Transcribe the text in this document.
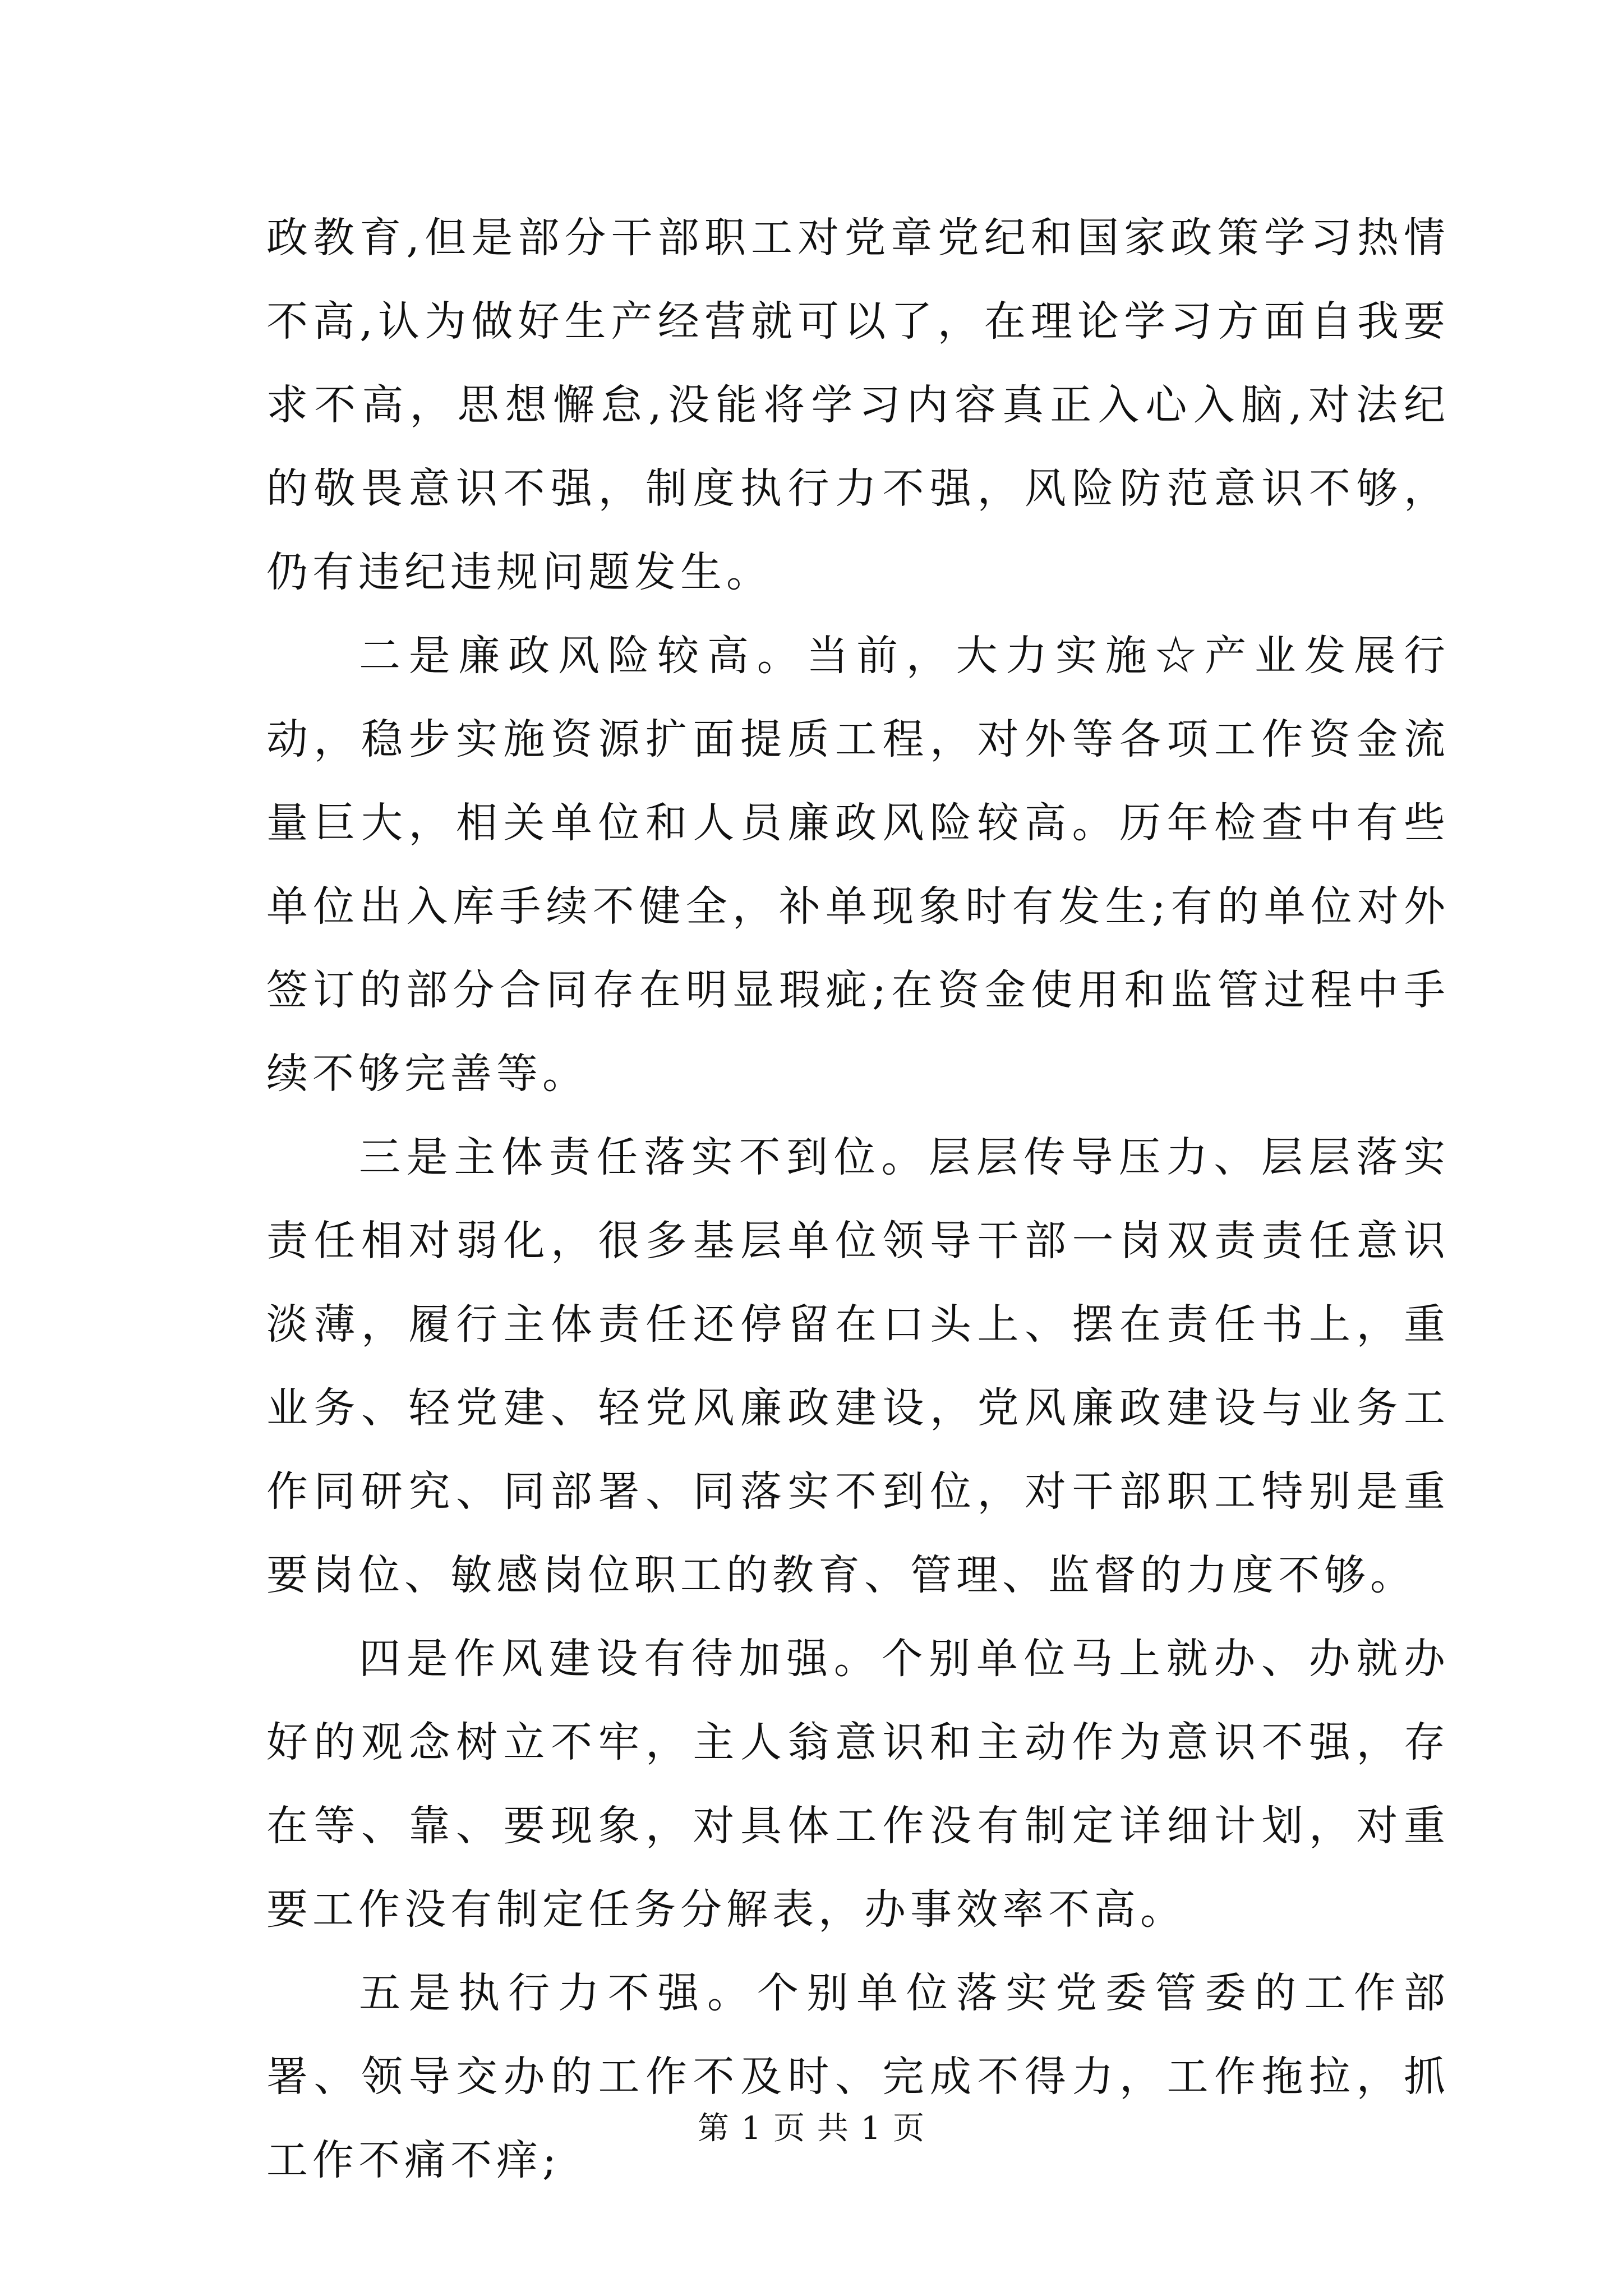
政教育,但是部分干部职工对党章党纪和国家政策学习热情不高,认为做好生产经营就可以了，在理论学习方面自我要求不高，思想懈怠,没能将学习内容真正入心入脑,对法纪的敬畏意识不强，制度执行力不强，风险防范意识不够，仍有违纪违规问题发生。

二是廉政风险较高。当前，大力实施☆产业发展行动，稳步实施资源扩面提质工程，对外等各项工作资金流量巨大，相关单位和人员廉政风险较高。历年检查中有些单位出入库手续不健全，补单现象时有发生;有的单位对外签订的部分合同存在明显瑕疵;在资金使用和监管过程中手续不够完善等。

三是主体责任落实不到位。层层传导压力、层层落实责任相对弱化，很多基层单位领导干部一岗双责责任意识淡薄，履行主体责任还停留在口头上、摆在责任书上，重业务、轻党建、轻党风廉政建设，党风廉政建设与业务工作同研究、同部署、同落实不到位，对干部职工特别是重要岗位、敏感岗位职工的教育、管理、监督的力度不够。

四是作风建设有待加强。个别单位马上就办、办就办好的观念树立不牢，主人翁意识和主动作为意识不强，存在等、靠、要现象，对具体工作没有制定详细计划，对重要工作没有制定任务分解表，办事效率不高。

五是执行力不强。个别单位落实党委管委的工作部署、领导交办的工作不及时、完成不得力，工作拖拉，抓工作不痛不痒;

第 1 页 共 1 页
